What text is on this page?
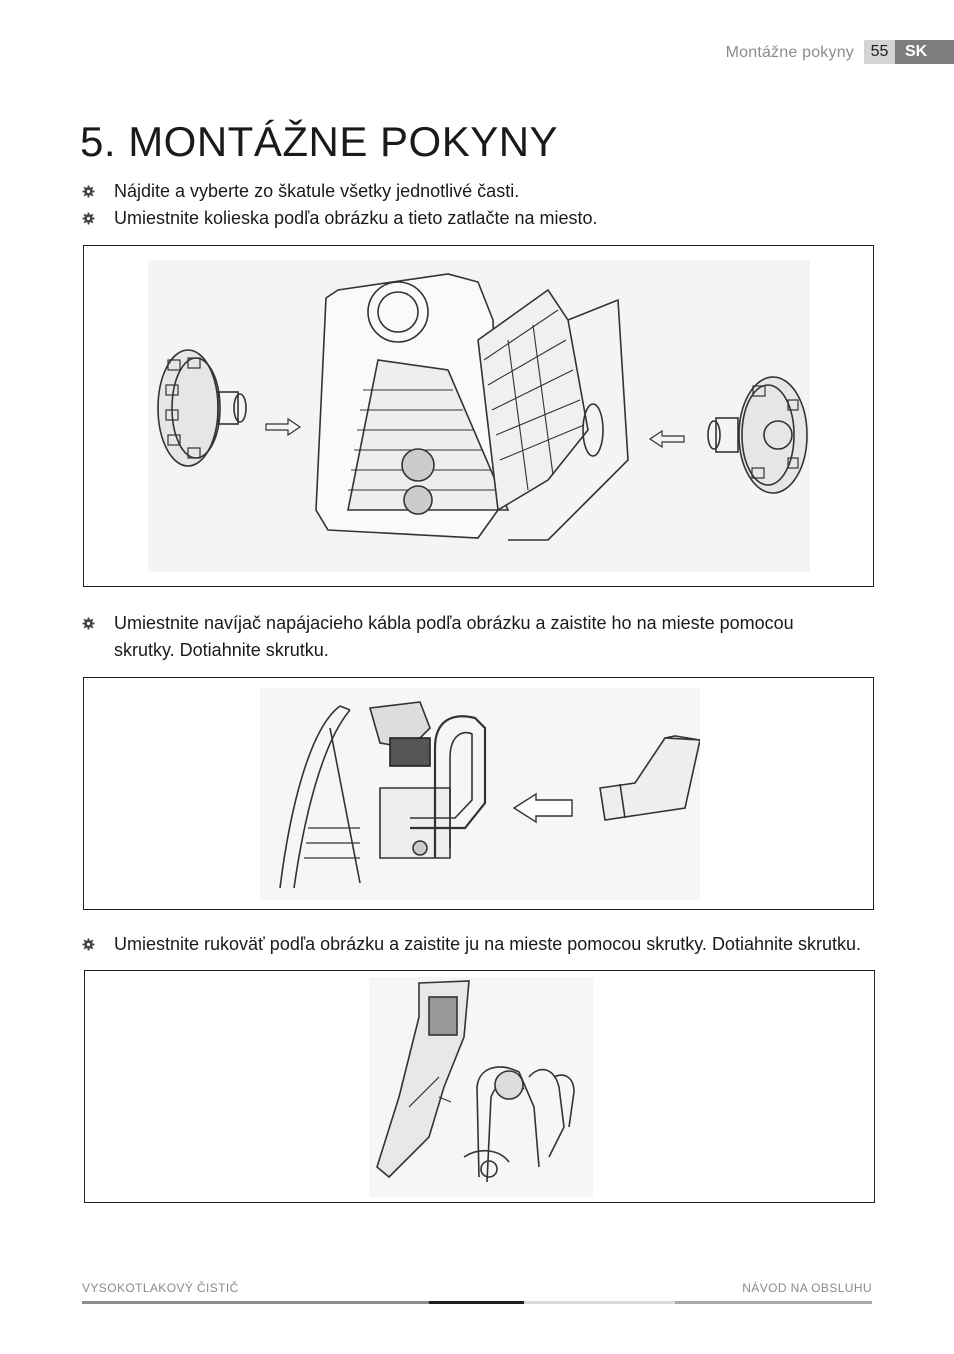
Montážne pokyny	55	SK
5. MONTÁŽNE POKYNY
Nájdite a vyberte zo škatule všetky jednotlivé časti.
Umiestnite kolieska podľa obrázku a tieto zatlačte na miesto.
Umiestnite navíjač napájacieho kábla podľa obrázku a zaistite ho na mieste pomocou
skrutky. Dotiahnite skrutku.
Umiestnite rukoväť podľa obrázku a zaistite ju na mieste pomocou skrutky. Dotiahnite skrutku.
VYSOKOTLAKOVÝ ČISTIČ	NÁVOD NA OBSLUHU
